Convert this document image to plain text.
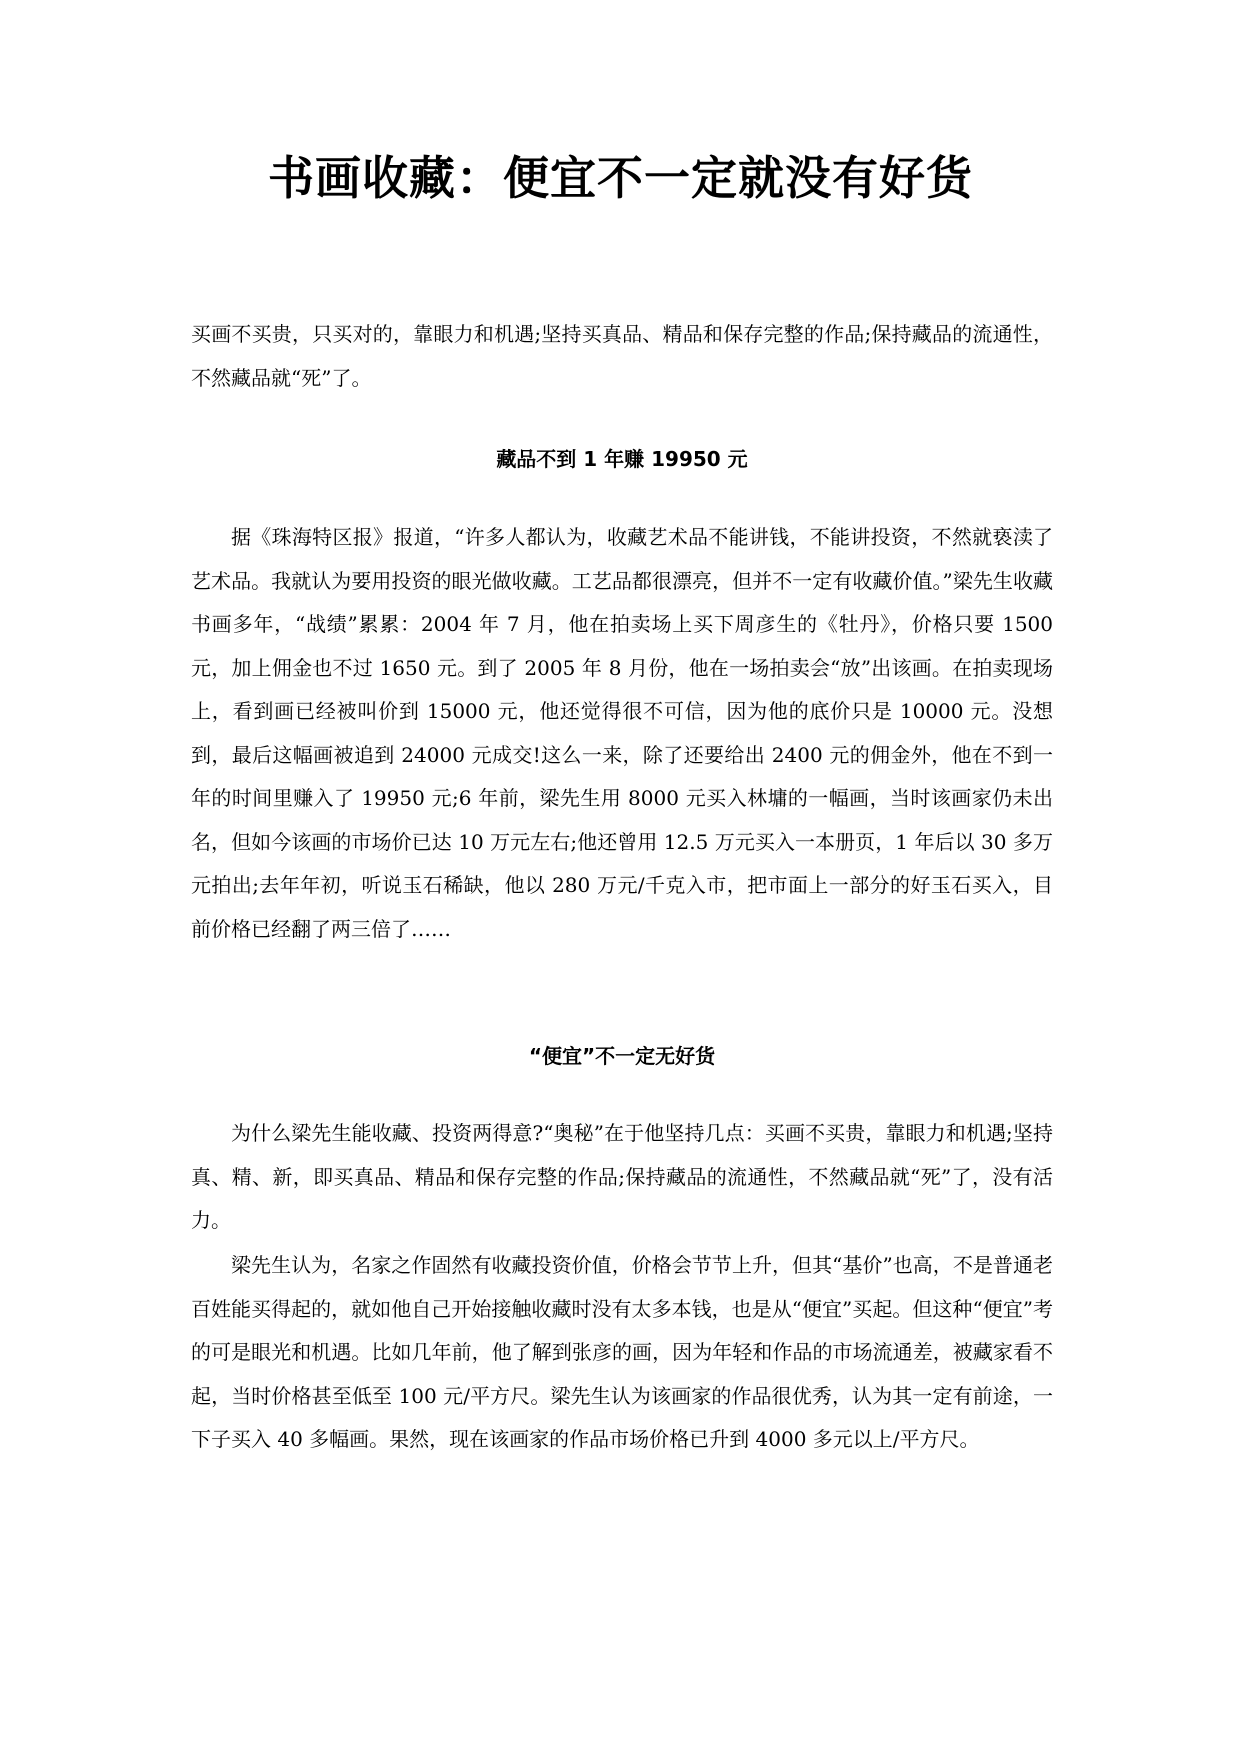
书画收藏：便宜不一定就没有好货

买画不买贵，只买对的，靠眼力和机遇;坚持买真品、精品和保存完整的作品;保持藏品的流通性，不然藏品就“死”了。

藏品不到 1 年赚 19950 元

据《珠海特区报》报道，“许多人都认为，收藏艺术品不能讲钱，不能讲投资，不然就亵渎了艺术品。我就认为要用投资的眼光做收藏。工艺品都很漂亮，但并不一定有收藏价值。”梁先生收藏书画多年，“战绩”累累：2004 年 7 月，他在拍卖场上买下周彦生的《牡丹》，价格只要 1500 元，加上佣金也不过 1650 元。到了 2005 年 8 月份，他在一场拍卖会“放”出该画。在拍卖现场上，看到画已经被叫价到 15000 元，他还觉得很不可信，因为他的底价只是 10000 元。没想到，最后这幅画被追到 24000 元成交!这么一来，除了还要给出 2400 元的佣金外，他在不到一年的时间里赚入了 19950 元;6 年前，梁先生用 8000 元买入林墉的一幅画，当时该画家仍未出名，但如今该画的市场价已达 10 万元左右;他还曾用 12.5 万元买入一本册页，1 年后以 30 多万元拍出;去年年初，听说玉石稀缺，他以 280 万元/千克入市，把市面上一部分的好玉石买入，目前价格已经翻了两三倍了……

“便宜”不一定无好货

为什么梁先生能收藏、投资两得意?“奥秘”在于他坚持几点：买画不买贵，靠眼力和机遇;坚持真、精、新，即买真品、精品和保存完整的作品;保持藏品的流通性，不然藏品就“死”了，没有活力。

梁先生认为，名家之作固然有收藏投资价值，价格会节节上升，但其“基价”也高，不是普通老百姓能买得起的，就如他自己开始接触收藏时没有太多本钱，也是从“便宜”买起。但这种“便宜”考的可是眼光和机遇。比如几年前，他了解到张彦的画，因为年轻和作品的市场流通差，被藏家看不起，当时价格甚至低至 100 元/平方尺。梁先生认为该画家的作品很优秀，认为其一定有前途，一下子买入 40 多幅画。果然，现在该画家的作品市场价格已升到 4000 多元以上/平方尺。
